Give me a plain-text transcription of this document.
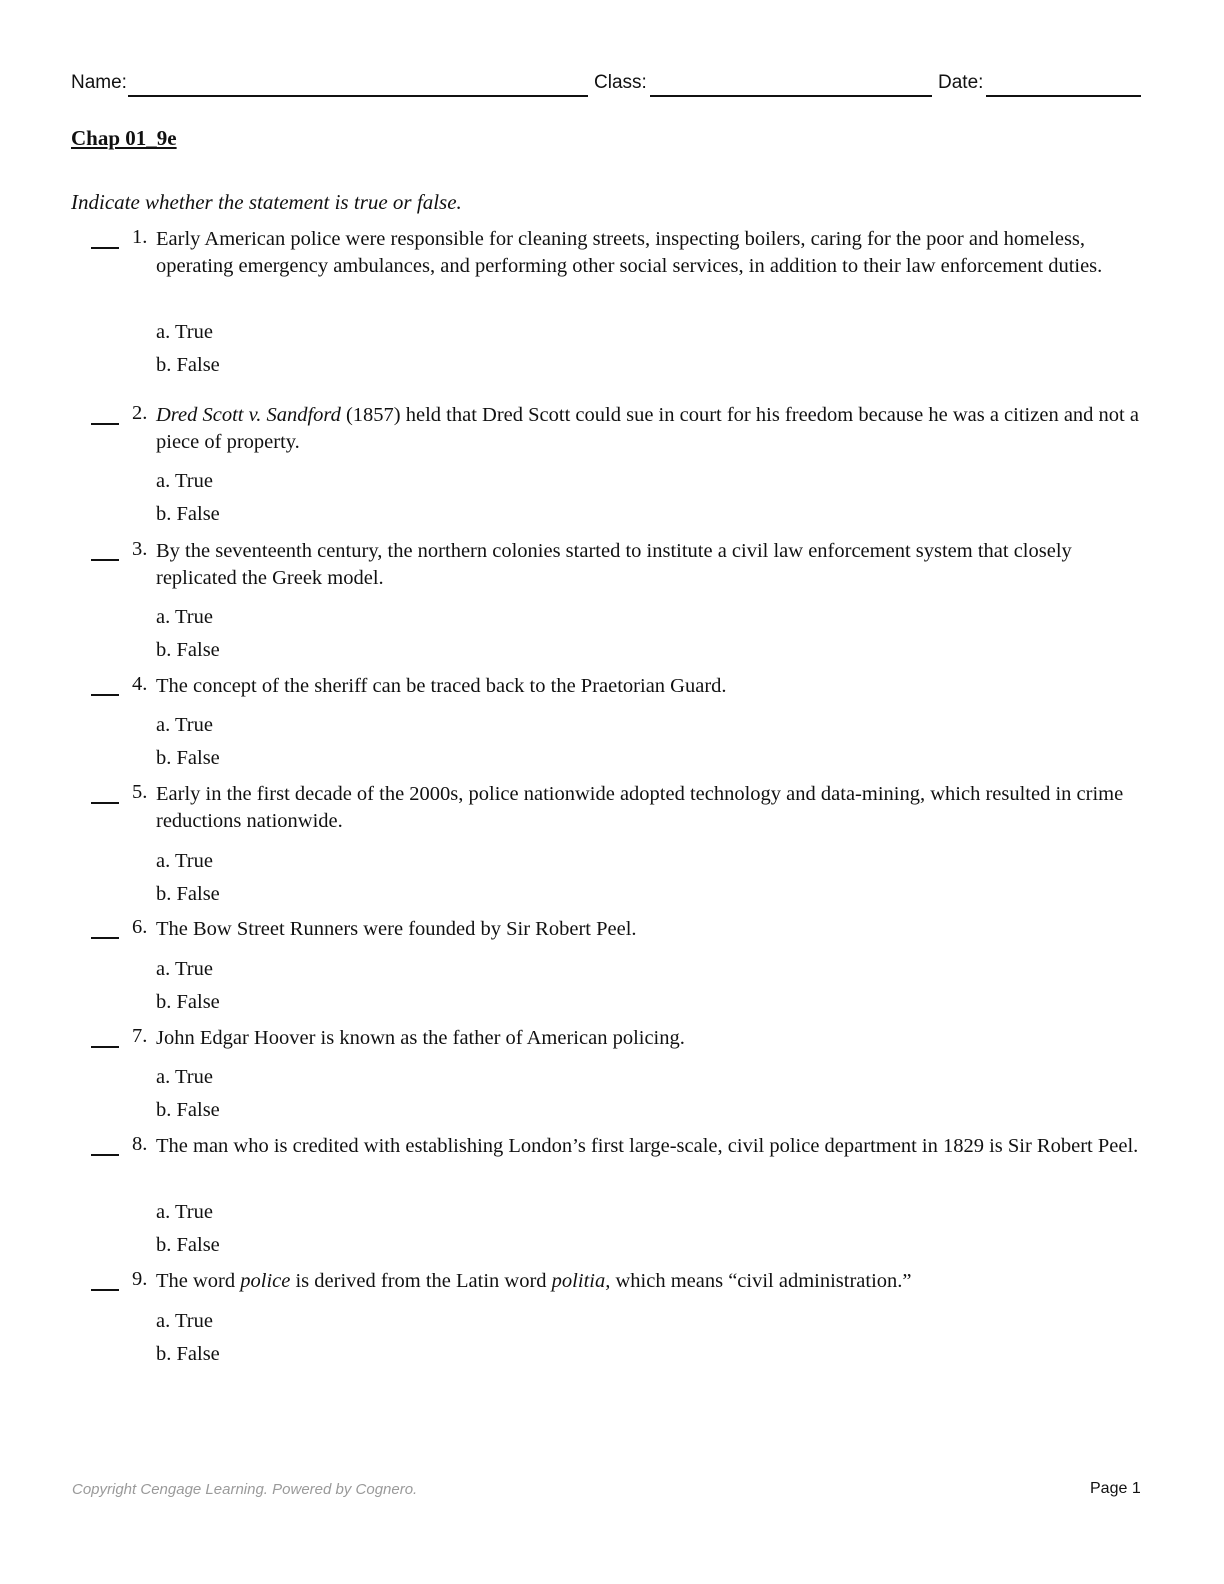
Name:	Class:	Date:
Chap 01_9e
Indicate whether the statement is true or false.
1. Early American police were responsible for cleaning streets, inspecting boilers, caring for the poor and homeless, operating emergency ambulances, and performing other social services, in addition to their law enforcement duties.
a. True
b. False
2. Dred Scott v. Sandford (1857) held that Dred Scott could sue in court for his freedom because he was a citizen and not a piece of property.
a. True
b. False
3. By the seventeenth century, the northern colonies started to institute a civil law enforcement system that closely replicated the Greek model.
a. True
b. False
4. The concept of the sheriff can be traced back to the Praetorian Guard.
a. True
b. False
5. Early in the first decade of the 2000s, police nationwide adopted technology and data-mining, which resulted in crime reductions nationwide.
a. True
b. False
6. The Bow Street Runners were founded by Sir Robert Peel.
a. True
b. False
7. John Edgar Hoover is known as the father of American policing.
a. True
b. False
8. The man who is credited with establishing London’s first large-scale, civil police department in 1829 is Sir Robert Peel.
a. True
b. False
9. The word police is derived from the Latin word politia, which means “civil administration.”
a. True
b. False
Copyright Cengage Learning. Powered by Cognero.	Page 1
